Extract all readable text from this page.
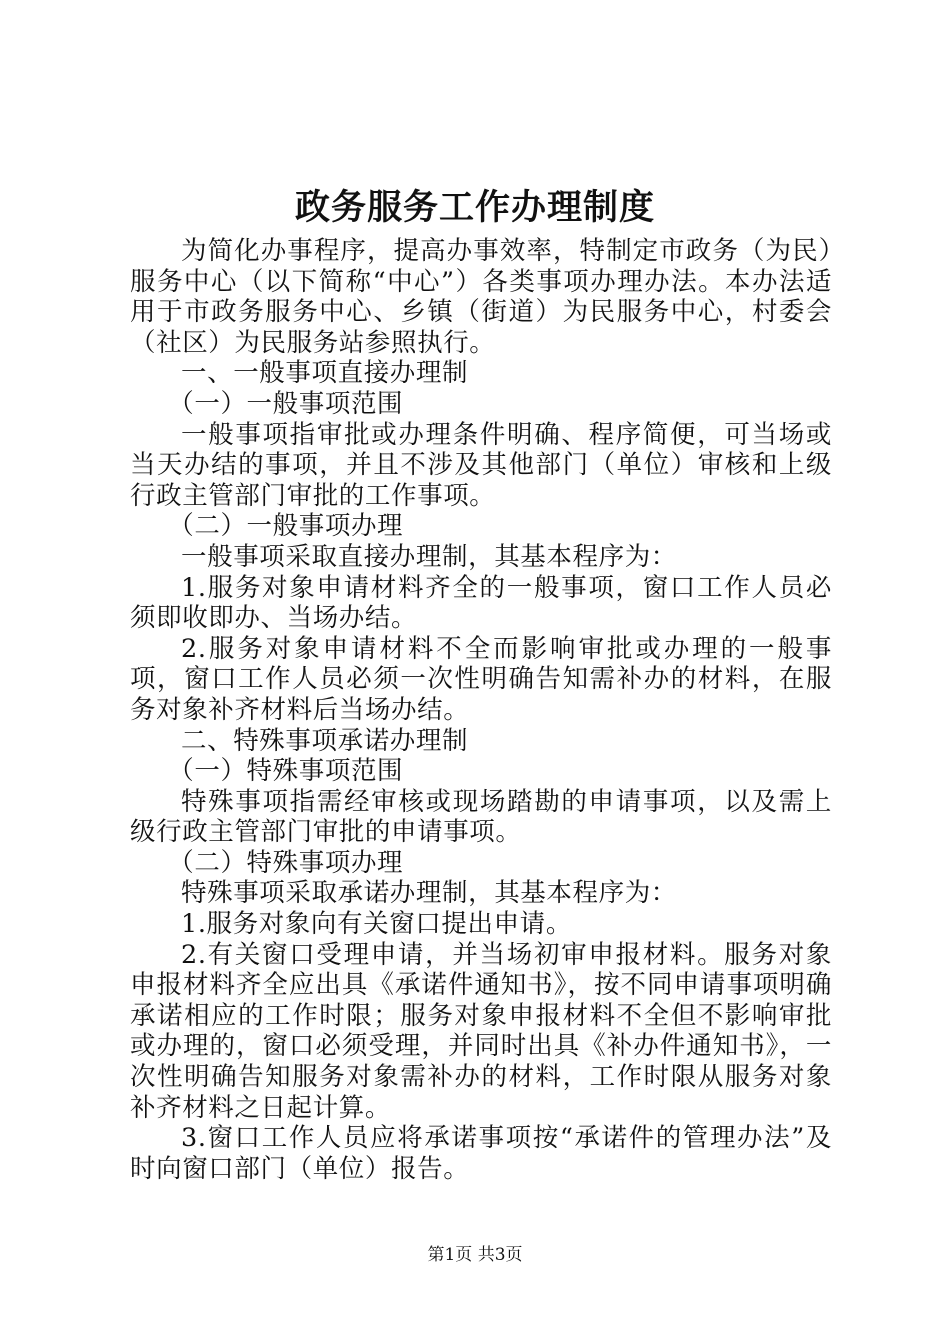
政务服务工作办理制度

为简化办事程序，提高办事效率，特制定市政务（为民）服务中心（以下简称“中心”）各类事项办理办法。本办法适用于市政务服务中心、乡镇（街道）为民服务中心，村委会（社区）为民服务站参照执行。

一、一般事项直接办理制

（一）一般事项范围

一般事项指审批或办理条件明确、程序简便，可当场或当天办结的事项，并且不涉及其他部门（单位）审核和上级行政主管部门审批的工作事项。

（二）一般事项办理

一般事项采取直接办理制，其基本程序为：

1.服务对象申请材料齐全的一般事项，窗口工作人员必须即收即办、当场办结。

2.服务对象申请材料不全而影响审批或办理的一般事项，窗口工作人员必须一次性明确告知需补办的材料，在服务对象补齐材料后当场办结。

二、特殊事项承诺办理制

（一）特殊事项范围

特殊事项指需经审核或现场踏勘的申请事项，以及需上级行政主管部门审批的申请事项。

（二）特殊事项办理

特殊事项采取承诺办理制，其基本程序为：

1.服务对象向有关窗口提出申请。

2.有关窗口受理申请，并当场初审申报材料。服务对象申报材料齐全应出具《承诺件通知书》，按不同申请事项明确承诺相应的工作时限；服务对象申报材料不全但不影响审批或办理的，窗口必须受理，并同时出具《补办件通知书》，一次性明确告知服务对象需补办的材料，工作时限从服务对象补齐材料之日起计算。

3.窗口工作人员应将承诺事项按“承诺件的管理办法”及时向窗口部门（单位）报告。

第1页 共3页
